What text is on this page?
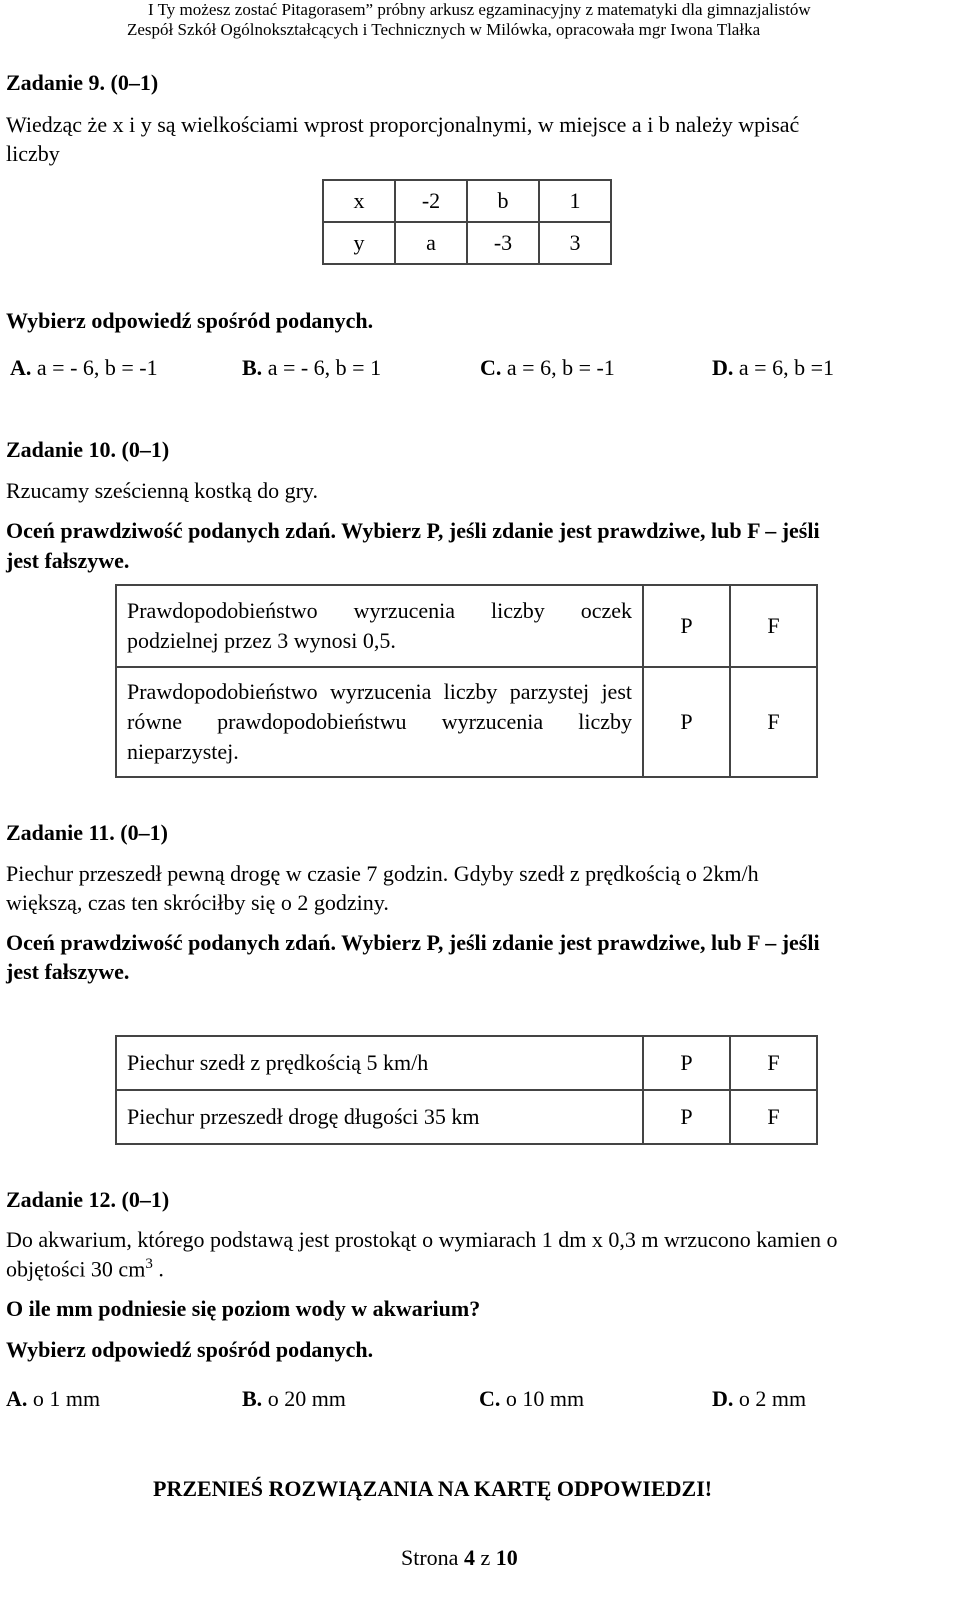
I Ty możesz zostać Pitagorasem” próbny arkusz egzaminacyjny z matematyki dla gimnazjalistów
Zespół Szkół Ogólnokształcących i Technicznych w Milówka, opracowała mgr Iwona Tlałka
Zadanie 9. (0–1)
Wiedząc że x i y są wielkościami wprost proporcjonalnymi, w miejsce a i b należy wpisać
liczby
x	-2	b	1
y	a	-3	3
Wybierz odpowiedź spośród podanych.
A. a = - 6, b = -1	B. a = - 6, b = 1	C. a = 6, b = -1	D. a = 6, b =1
Zadanie 10. (0–1)
Rzucamy sześcienną kostką do gry.
Oceń prawdziwość podanych zdań. Wybierz P, jeśli zdanie jest prawdziwe, lub F – jeśli
jest fałszywe.
Prawdopodobieństwo wyrzucenia liczby oczek podzielnej przez 3 wynosi 0,5.	P	F
Prawdopodobieństwo wyrzucenia liczby parzystej jest równe prawdopodobieństwu wyrzucenia liczby nieparzystej.	P	F
Zadanie 11. (0–1)
Piechur przeszedł pewną drogę w czasie 7 godzin. Gdyby szedł z prędkością o 2km/h
większą, czas ten skróciłby się o 2 godziny.
Oceń prawdziwość podanych zdań. Wybierz P, jeśli zdanie jest prawdziwe, lub F – jeśli
jest fałszywe.
Piechur szedł z prędkością 5 km/h	P	F
Piechur przeszedł drogę długości 35 km	P	F
Zadanie 12. (0–1)
Do akwarium, którego podstawą jest prostokąt o wymiarach 1 dm x 0,3 m wrzucono kamien o
objętości 30 $cm^3$ .
O ile mm podniesie się poziom wody w akwarium?
Wybierz odpowiedź spośród podanych.
A. o 1 mm	B. o 20 mm	C. o 10 mm	D. o 2 mm
PRZENIEŚ ROZWIĄZANIA NA KARTĘ ODPOWIEDZI!
Strona 4 z 10
